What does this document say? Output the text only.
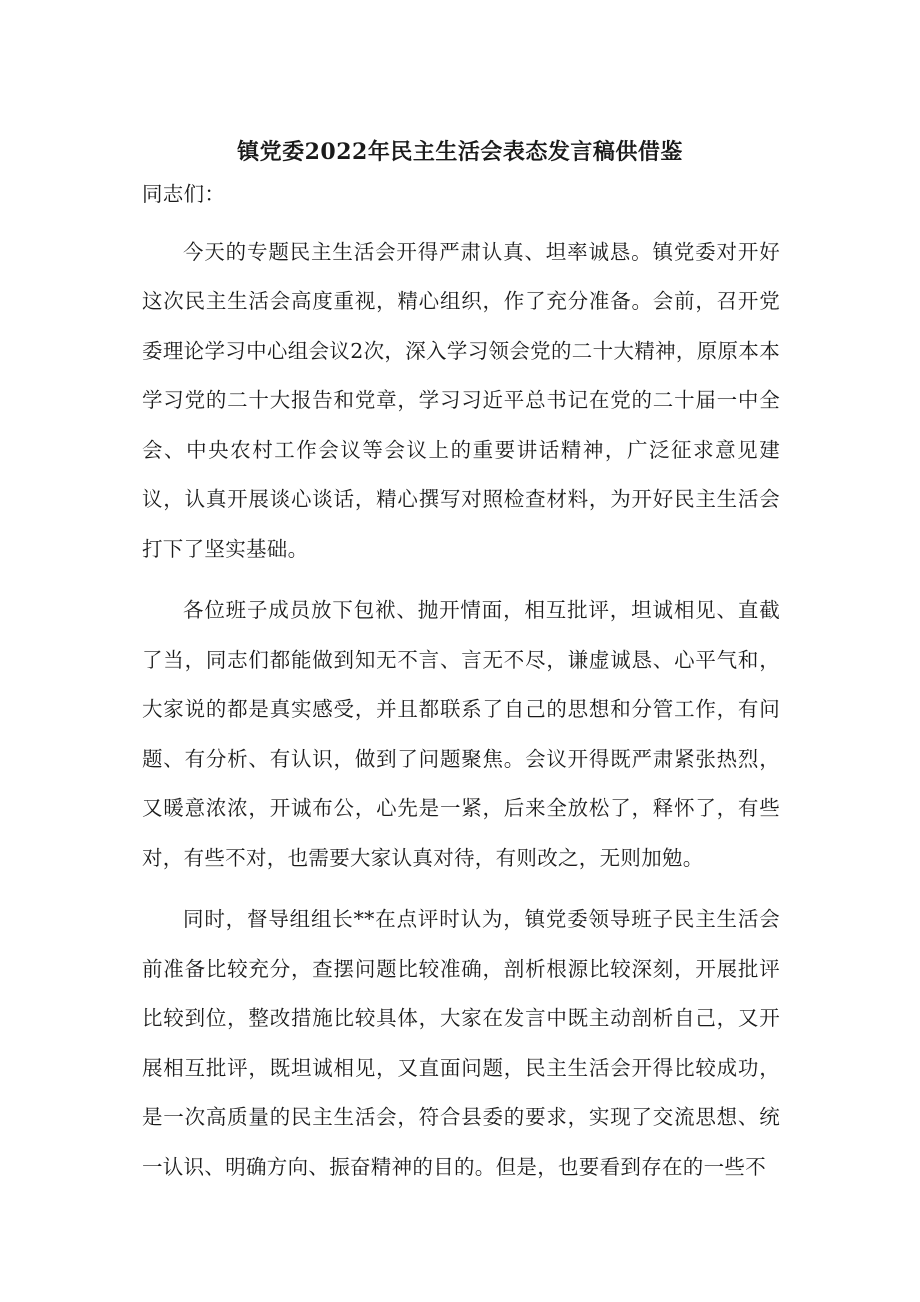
镇党委2022年民主生活会表态发言稿供借鉴

同志们：

今天的专题民主生活会开得严肃认真、坦率诚恳。镇党委对开好这次民主生活会高度重视，精心组织，作了充分准备。会前，召开党委理论学习中心组会议2次，深入学习领会党的二十大精神，原原本本学习党的二十大报告和党章，学习习近平总书记在党的二十届一中全会、中央农村工作会议等会议上的重要讲话精神，广泛征求意见建议，认真开展谈心谈话，精心撰写对照检查材料，为开好民主生活会打下了坚实基础。

各位班子成员放下包袱、抛开情面，相互批评，坦诚相见、直截了当，同志们都能做到知无不言、言无不尽，谦虚诚恳、心平气和，大家说的都是真实感受，并且都联系了自己的思想和分管工作，有问题、有分析、有认识，做到了问题聚焦。会议开得既严肃紧张热烈，又暖意浓浓，开诚布公，心先是一紧，后来全放松了，释怀了，有些对，有些不对，也需要大家认真对待，有则改之，无则加勉。

同时，督导组组长**在点评时认为，镇党委领导班子民主生活会前准备比较充分，查摆问题比较准确，剖析根源比较深刻，开展批评比较到位，整改措施比较具体，大家在发言中既主动剖析自己，又开展相互批评，既坦诚相见，又直面问题，民主生活会开得比较成功，是一次高质量的民主生活会，符合县委的要求，实现了交流思想、统一认识、明确方向、振奋精神的目的。但是，也要看到存在的一些不
